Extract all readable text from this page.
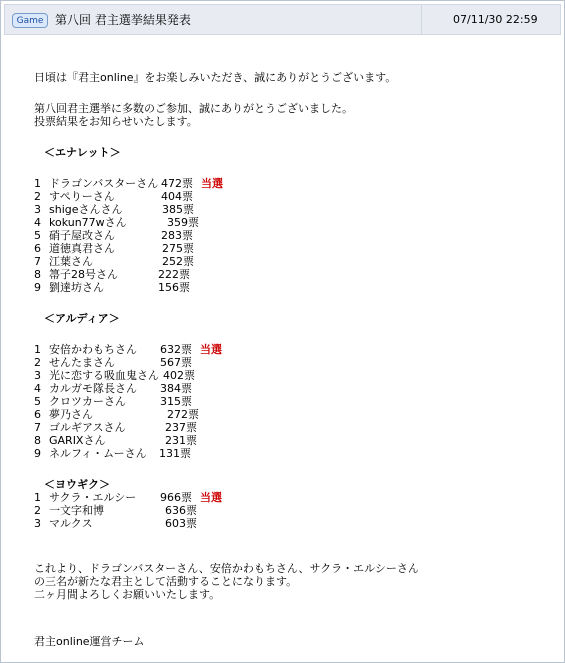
Game 第八回 君主選挙結果発表	07/11/30 22:59
日頃は『君主online』をお楽しみいただき、誠にありがとうございます。
第八回君主選挙に多数のご参加、誠にありがとうございました。
投票結果をお知らせいたします。
＜エナレット＞
1 ドラゴンバスターさん 472票 当選
2 すぺりーさん	404票
3 shigeさんさん	385票
4 kokun77wさん	359票
5 硝子屋改さん	283票
6 道徳真君さん	275票
7 江葉さん	252票
8 箒子28号さん	222票
9 劉達坊さん	156票
＜アルディア＞
1 安倍かわもちさん 632票 当選
2 せんたまさん	567票
3 光に恋する吸血鬼さん 402票
4 カルガモ隊長さん 384票
5 クロツカーさん	315票
6 夢乃さん	272票
7 ゴルギアスさん	237票
8 GARIXさん	231票
9 ネルフィ・ムーさん 131票
＜ヨウギク＞
1 サクラ・エルシー 966票 当選
2 一文字和博	636票
3 マルクス	603票
これより、ドラゴンバスターさん、安倍かわもちさん、サクラ・エルシーさん
の三名が新たな君主として活動することになります。
二ヶ月間よろしくお願いいたします。
君主online運営チーム
